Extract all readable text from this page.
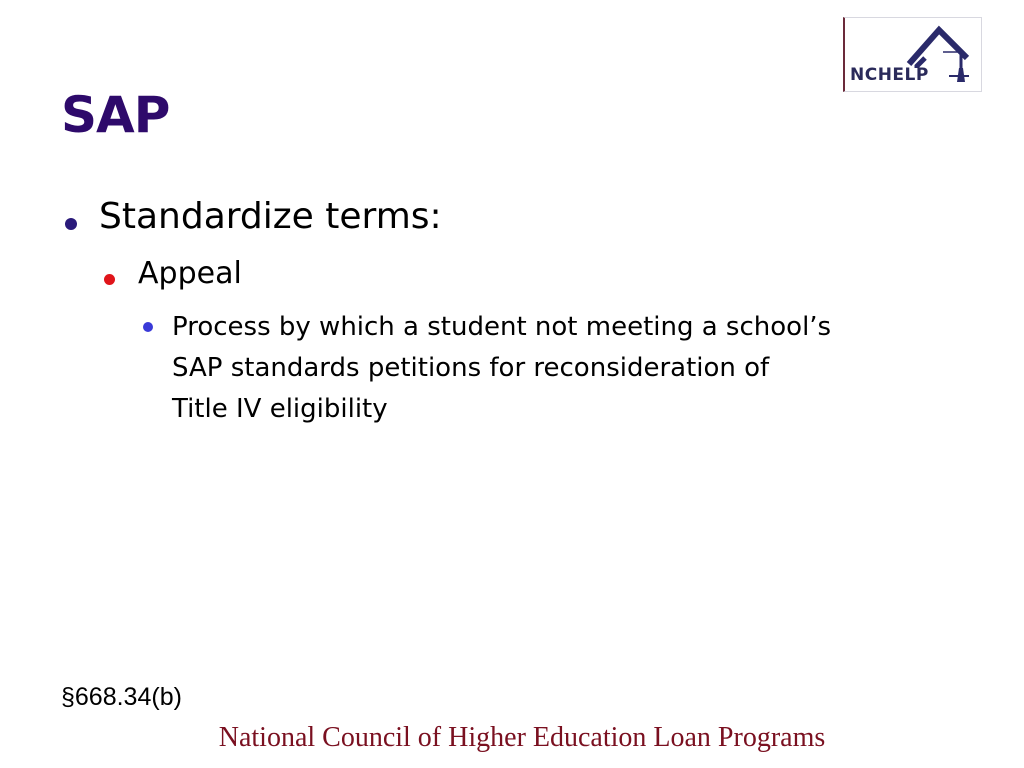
NCHELP
SAP
Standardize terms:
Appeal
Process by which a student not meeting a school’s
SAP standards petitions for reconsideration of
Title IV eligibility
§668.34(b)
National Council of Higher Education Loan Programs
